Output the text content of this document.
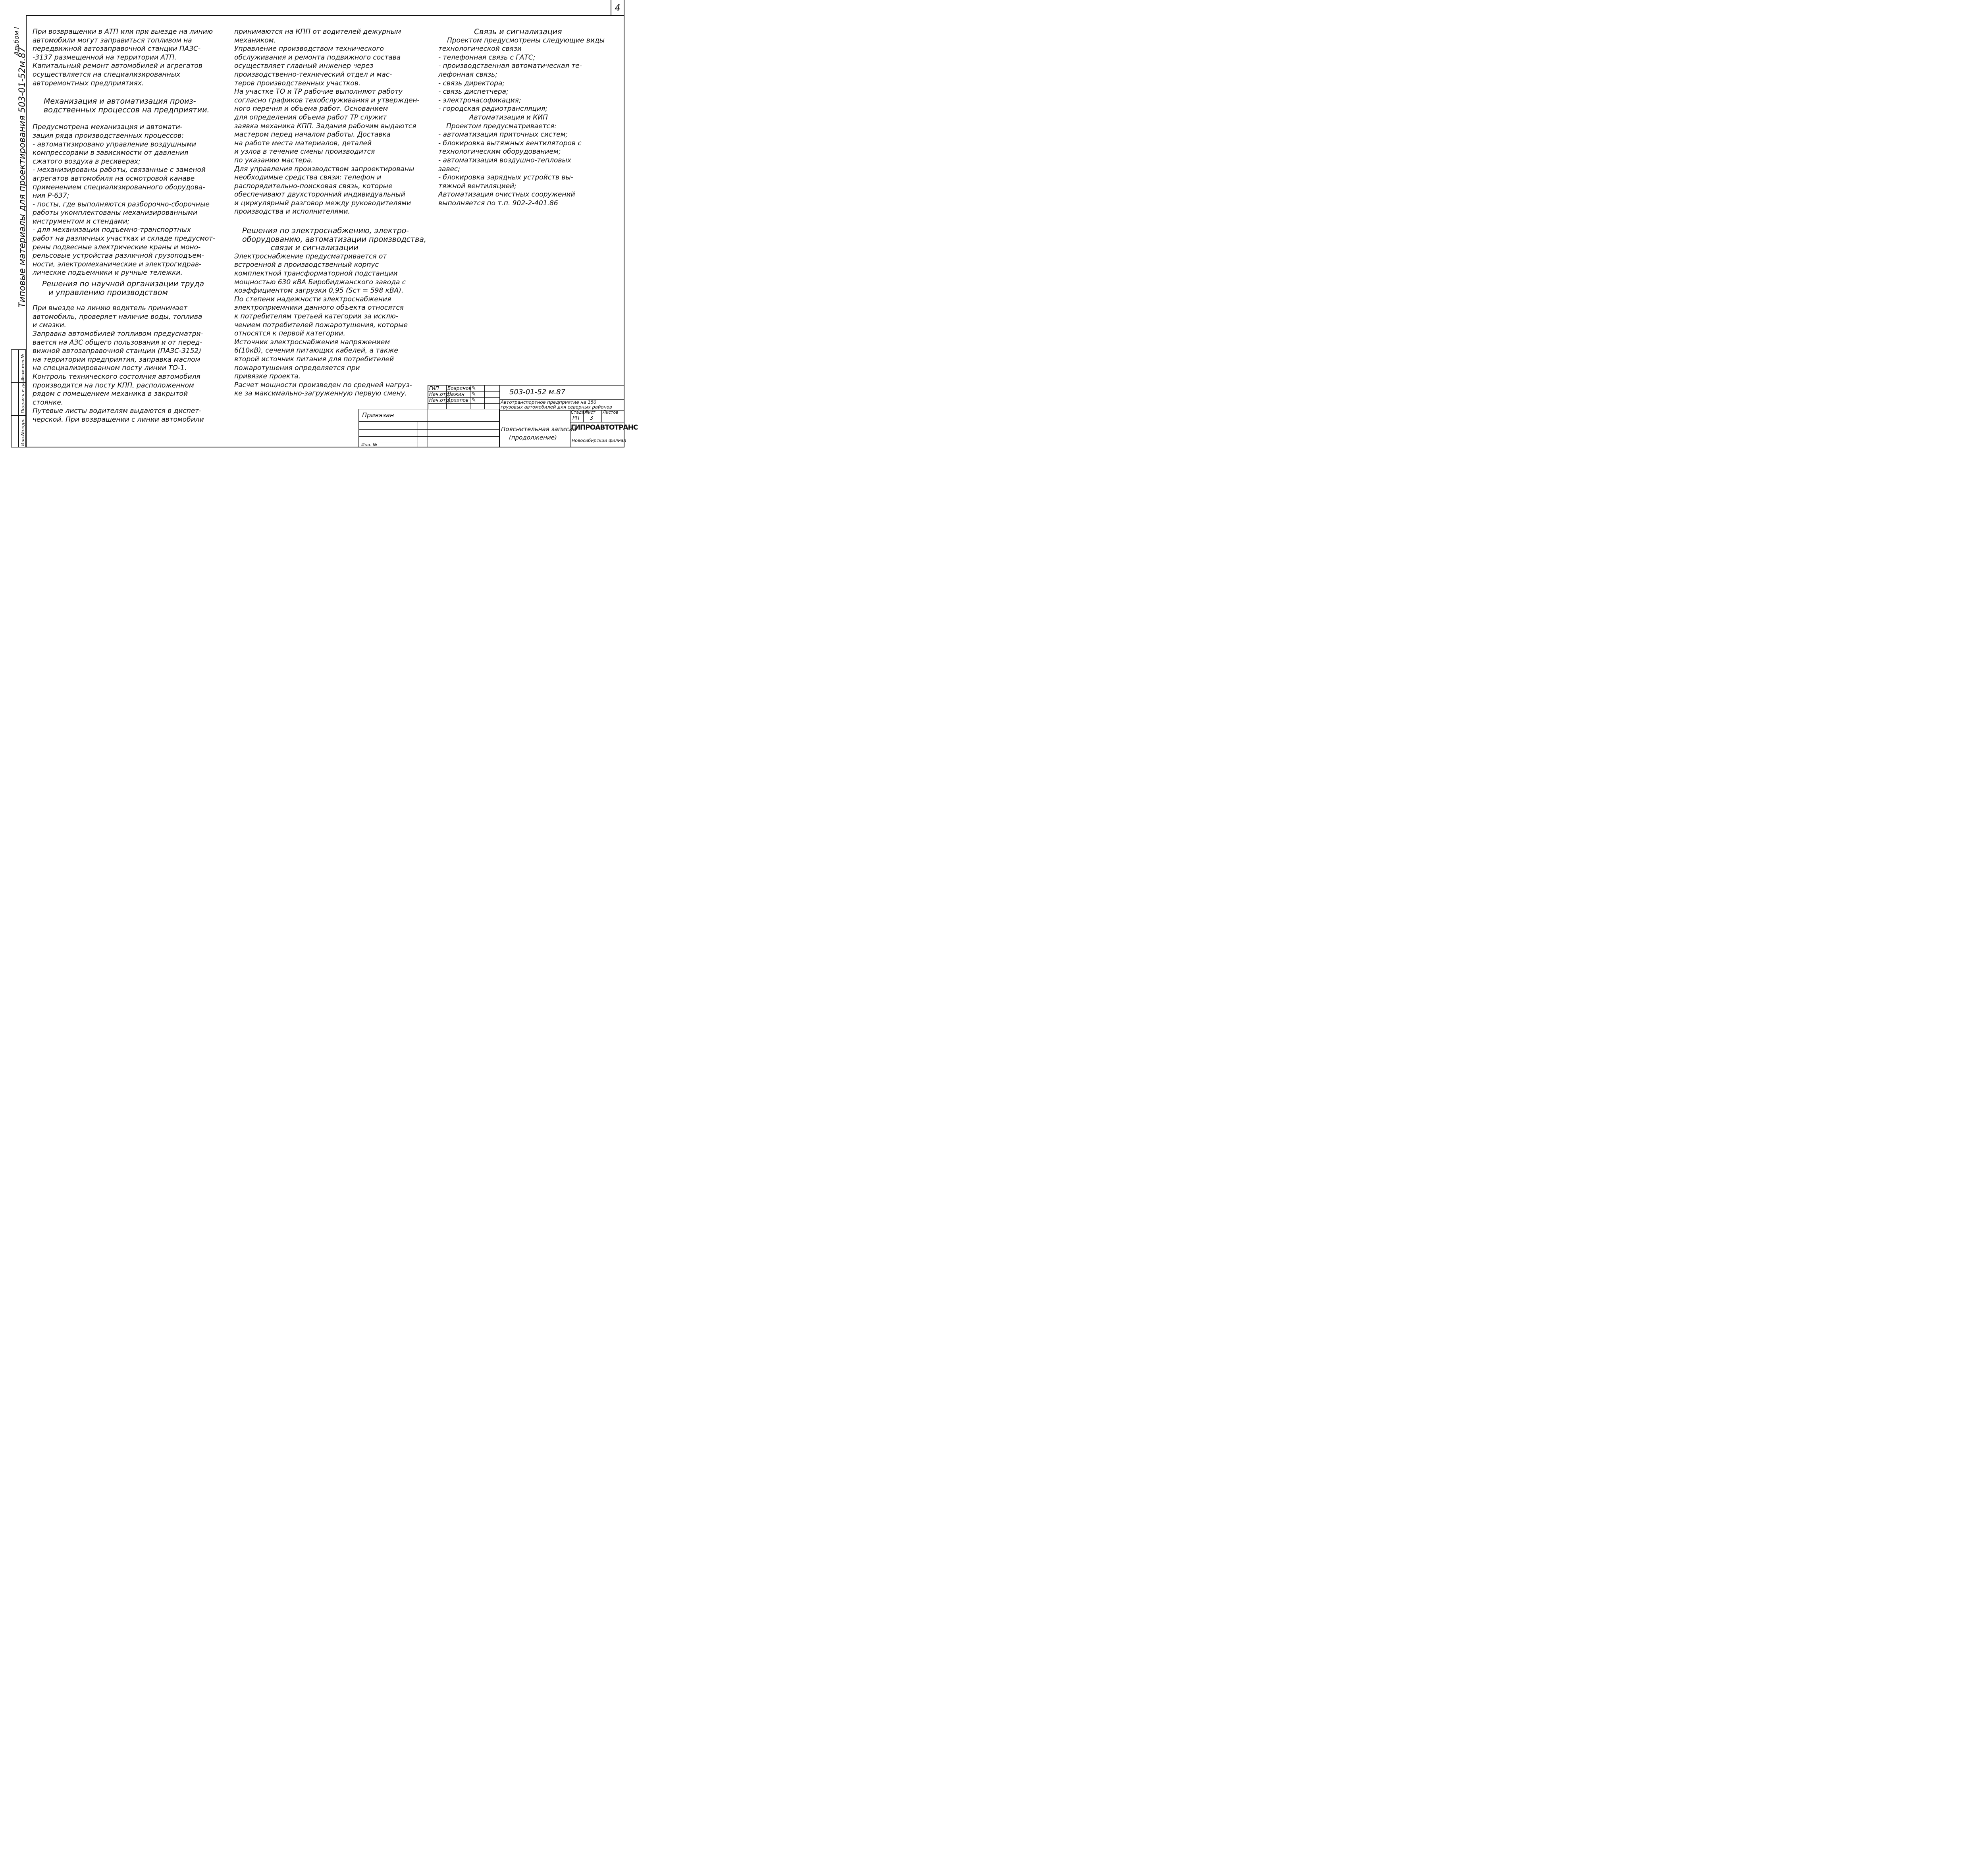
4
Альбом I
Типовые материалы для проектирования 503-01-52м.87
Инв.№подл.
Подпись и дата
Взам.инв.№

При возвращении в АТП или при выезде на линию

автомобили могут заправиться топливом на

передвижной автозаправочной станции ПАЗС-

-3137 размещенной на территории АТП.

Капитальный ремонт автомобилей и агрегатов

осуществляется на специализированных

авторемонтных предприятиях.

Механизация и автоматизация произ-

водственных процессов на предприятии.

Предусмотрена механизация и автомати-

зация ряда производственных процессов:

- автоматизировано управление воздушными

компрессорами в зависимости от давления

сжатого воздуха в ресиверах;

- механизированы работы, связанные с заменой

агрегатов автомобиля на осмотровой канаве

применением специализированного оборудова-

ния Р-637;

- посты, где выполняются разборочно-сборочные

работы укомплектованы механизированными

инструментом и стендами;

- для механизации подъемно-транспортных

работ на различных участках и складе предусмот-

рены подвесные электрические краны и моно-

рельсовые устройства различной грузоподъем-

ности, электромеханические и электрогидрав-

лические подъемники и ручные тележки.

Решения по научной организации труда

и управлению производством

При выезде на линию водитель принимает

автомобиль, проверяет наличие воды, топлива

и смазки.

Заправка автомобилей топливом предусматри-

вается на АЗС общего пользования и от перед-

вижной автозаправочной станции (ПАЗС-3152)

на территории предприятия, заправка маслом

на специализированном посту линии ТО-1.

Контроль технического состояния автомобиля

производится на посту КПП, расположенном

рядом с помещением механика в закрытой

стоянке.

Путевые листы водителям выдаются в диспет-

черской. При возвращении с линии автомобили

принимаются на КПП от водителей дежурным

механиком.

Управление производством технического

обслуживания и ремонта подвижного состава

осуществляет главный инженер через

производственно-технический отдел и мас-

теров производственных участков.

На участке ТО и ТР рабочие выполняют работу

согласно графиков техобслуживания и утвержден-

ного перечня и объема работ. Основанием

для определения объема работ ТР служит

заявка механика КПП. Задания рабочим выдаются

мастером перед началом работы. Доставка

на работе места материалов, деталей

и узлов в течение смены производится

по указанию мастера.

Для управления производством запроектированы

необходимые средства связи: телефон и

распорядительно-поисковая связь, которые

обеспечивают двухсторонний индивидуальный

и циркулярный разговор между руководителями

производства и исполнителями.

Решения по электроснабжению, электро-

оборудованию, автоматизации производства,

связи и сигнализации

Электроснабжение предусматривается от

встроенной в производственный корпус

комплектной трансформаторной подстанции

мощностью 630 кВА Биробиджанского завода с

коэффициентом загрузки 0,95 (Sст = 598 кВА).

По степени надежности электроснабжения

электроприемники данного объекта относятся

к потребителям третьей категории за исклю-

чением потребителей пожаротушения, которые

относятся к первой категории.

Источник электроснабжения напряжением

6(10кВ), сечения питающих кабелей, а также

второй источник питания для потребителей

пожаротушения определяется при

привязке проекта.

Расчет мощности произведен по средней нагруз-

ке за максимально-загруженную первую смену.

Связь и сигнализация

Проектом предусмотрены следующие виды

технологической связи

- телефонная связь с ГАТС;

- производственная автоматическая те-

лефонная связь;

- связь директора;

- связь диспетчера;

- электрочасофикация;

- городская радиотрансляция;

Автоматизация и КИП

Проектом предусматривается:

- автоматизация приточных систем;

- блокировка вытяжных вентиляторов с

технологическим оборудованием;

- автоматизация воздушно-тепловых

завес;

- блокировка зарядных устройств вы-

тяжной вентиляцией;

Автоматизация очистных сооружений

выполняется по т.п. 902-2-401.86

Привязан
Инв. №
ГИП Бояринов
Нач.отд.
Нажин
Нач.отд.
Архипов
✎
✎
✎
503-01-52 м.87
Автотранспортное предприятие на 150
грузовых автомобилей для северных районов
Стадия
Лист Листов
РП 3
Пояснительная записка
(продолжение)
ГИПРОАВТОТРАНС
Новосибирский филиал
